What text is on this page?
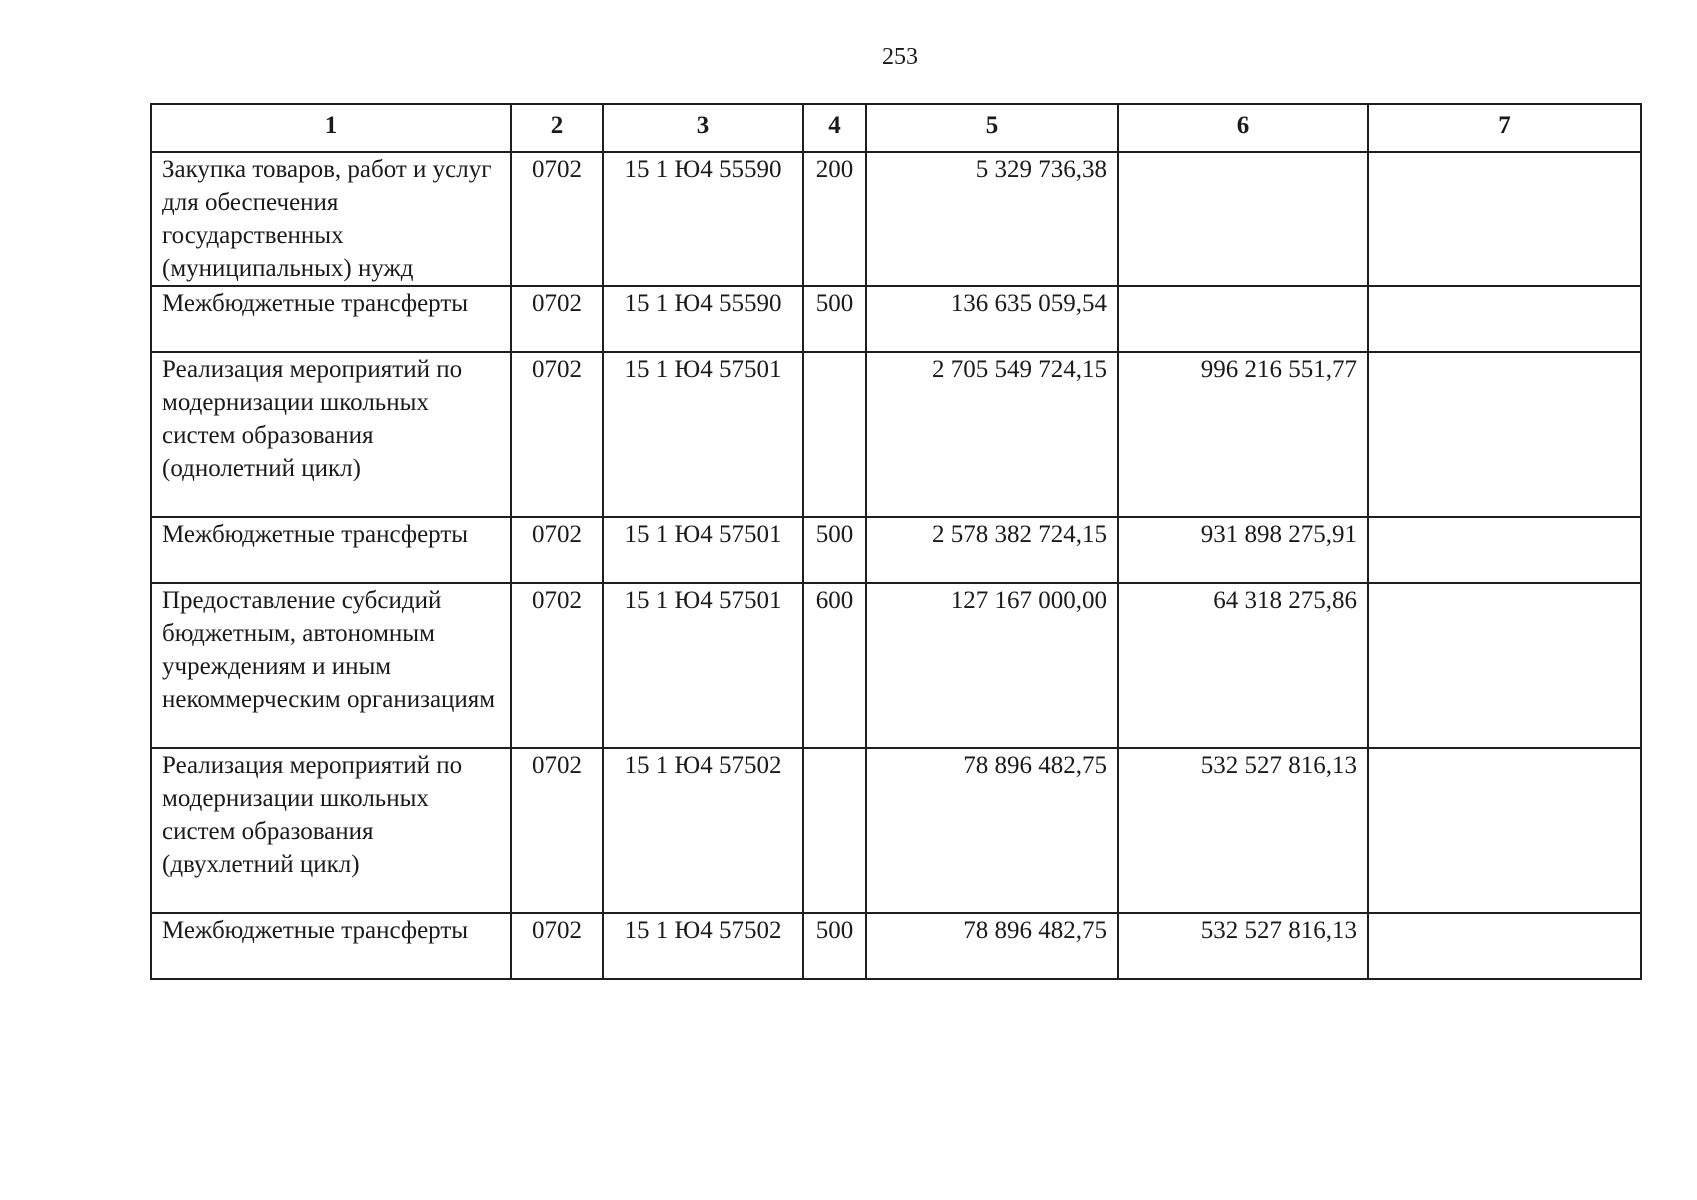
253
1	2	3	4	5	6	7
Закупка товаров, работ и услуг для обеспечения государственных (муниципальных) нужд	0702	15 1 Ю4 55590	200	5 329 736,38		
Межбюджетные трансферты	0702	15 1 Ю4 55590	500	136 635 059,54		
Реализация мероприятий по модернизации школьных систем образования (однолетний цикл)	0702	15 1 Ю4 57501		2 705 549 724,15	996 216 551,77	
Межбюджетные трансферты	0702	15 1 Ю4 57501	500	2 578 382 724,15	931 898 275,91	
Предоставление субсидий бюджетным, автономным учреждениям и иным некоммерческим организациям	0702	15 1 Ю4 57501	600	127 167 000,00	64 318 275,86	
Реализация мероприятий по модернизации школьных систем образования (двухлетний цикл)	0702	15 1 Ю4 57502		78 896 482,75	532 527 816,13	
Межбюджетные трансферты	0702	15 1 Ю4 57502	500	78 896 482,75	532 527 816,13	
